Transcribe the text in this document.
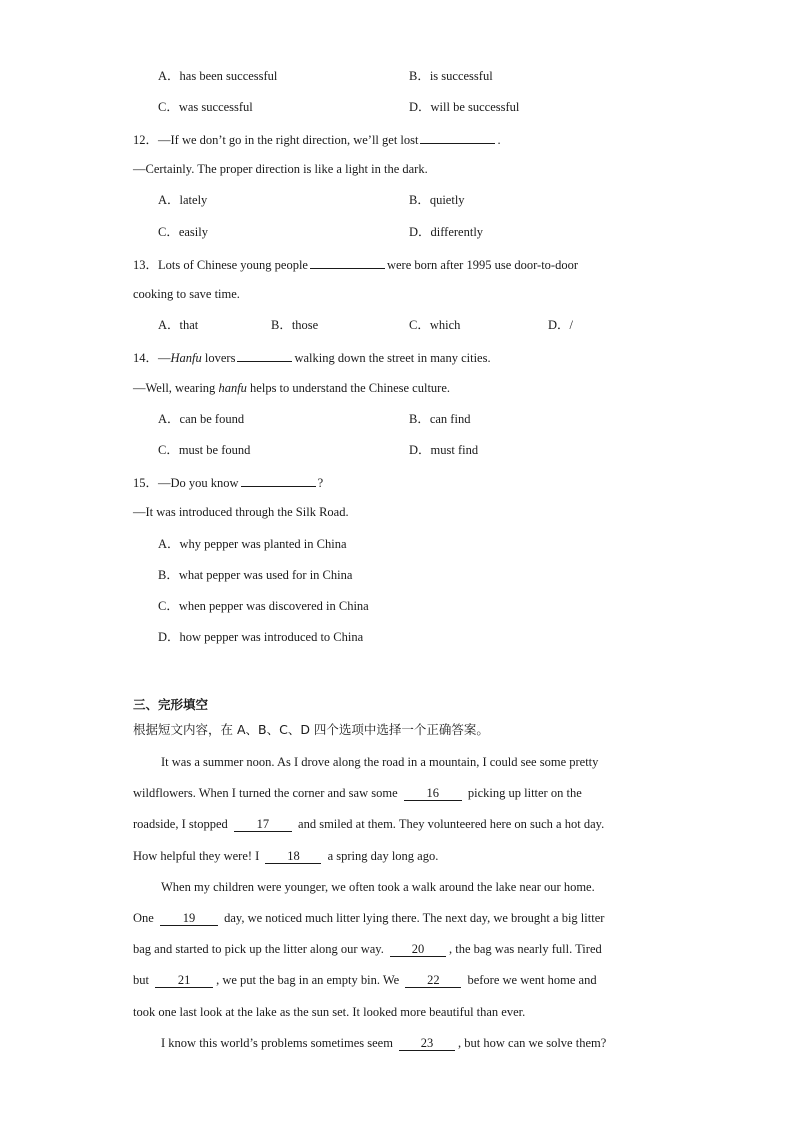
A．has been successful	B．is successful
C．was successful	D．will be successful
12．—If we don’t go in the right direction, we’ll get lost	.
—Certainly. The proper direction is like a light in the dark.
A．lately	B．quietly
C．easily	D．differently
13．Lots of Chinese young people	were born after 1995 use door-to-door
cooking to save time.
A．that	B．those	C．which	D．/
14．—Hanfu lovers	walking down the street in many cities.
—Well, wearing hanfu helps to understand the Chinese culture.
A．can be found	B．can find
C．must be found	D．must find
15．—Do you know	?
—It was introduced through the Silk Road.
A．why pepper was planted in China
B．what pepper was used for in China
C．when pepper was discovered in China
D．how pepper was introduced to China
三、完形填空
根据短文内容，在 A、B、C、D 四个选项中选择一个正确答案。
It was a summer noon. As I drove along the road in a mountain, I could see some pretty
wildflowers. When I turned the corner and saw some 16 picking up litter on the
roadside, I stopped 17 and smiled at them. They volunteered here on such a hot day.
How helpful they were! I 18 a spring day long ago.
When my children were younger, we often took a walk around the lake near our home.
One 19 day, we noticed much litter lying there. The next day, we brought a big litter
bag and started to pick up the litter along our way. 20 , the bag was nearly full. Tired
but 21 , we put the bag in an empty bin. We 22 before we went home and
took one last look at the lake as the sun set. It looked more beautiful than ever.
I know this world’s problems sometimes seem 23 , but how can we solve them?
